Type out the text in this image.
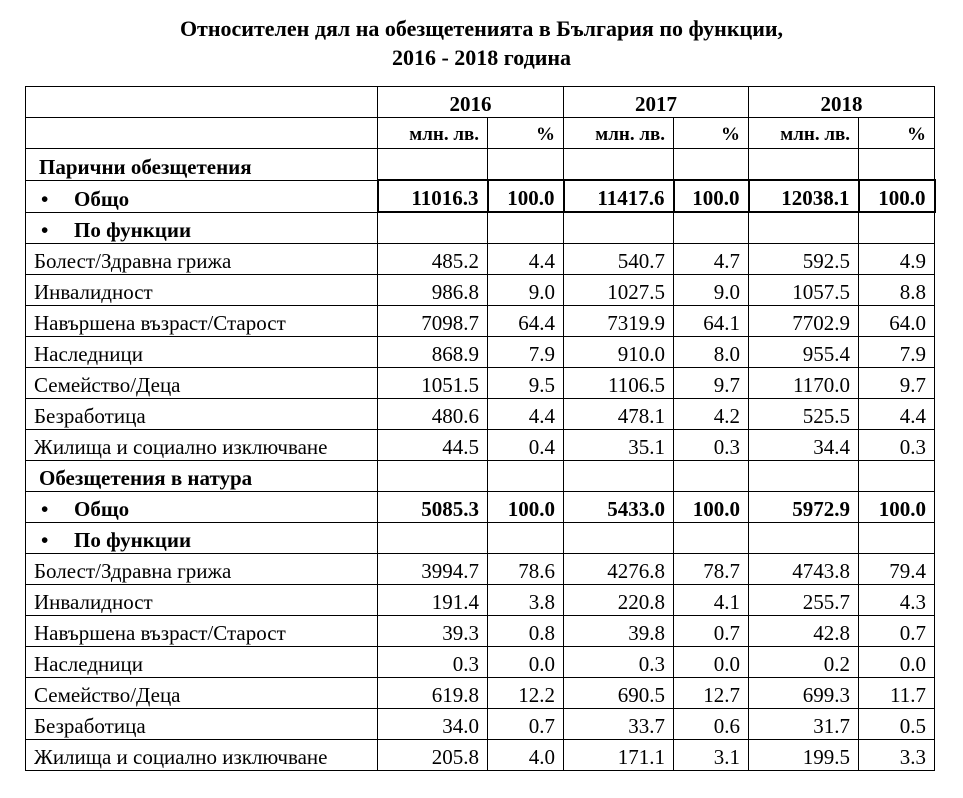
Относителен дял на обезщетенията в България по функции,
2016 - 2018 година
	2016		2017		2018	
	млн. лв.	%	млн. лв.	%	млн. лв.	%
Парични обезщетения						
• Общо	11016.3	100.0	11417.6	100.0	12038.1	100.0
• По функции						
Болест/Здравна грижа	485.2	4.4	540.7	4.7	592.5	4.9
Инвалидност	986.8	9.0	1027.5	9.0	1057.5	8.8
Навършена възраст/Старост	7098.7	64.4	7319.9	64.1	7702.9	64.0
Наследници	868.9	7.9	910.0	8.0	955.4	7.9
Семейство/Деца	1051.5	9.5	1106.5	9.7	1170.0	9.7
Безработица	480.6	4.4	478.1	4.2	525.5	4.4
Жилища и социално изключване	44.5	0.4	35.1	0.3	34.4	0.3
Обезщетения в натура						
• Общо	5085.3	100.0	5433.0	100.0	5972.9	100.0
• По функции						
Болест/Здравна грижа	3994.7	78.6	4276.8	78.7	4743.8	79.4
Инвалидност	191.4	3.8	220.8	4.1	255.7	4.3
Навършена възраст/Старост	39.3	0.8	39.8	0.7	42.8	0.7
Наследници	0.3	0.0	0.3	0.0	0.2	0.0
Семейство/Деца	619.8	12.2	690.5	12.7	699.3	11.7
Безработица	34.0	0.7	33.7	0.6	31.7	0.5
Жилища и социално изключване	205.8	4.0	171.1	3.1	199.5	3.3
